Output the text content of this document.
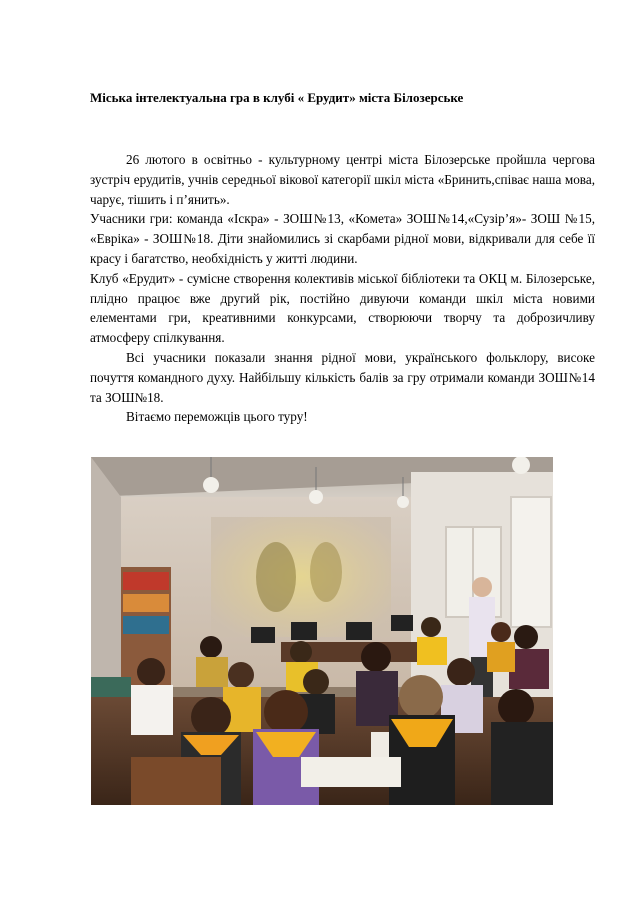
Міська інтелектуальна гра в клубі « Ерудит» міста Білозерське

26 лютого в освітньо - культурному центрі міста Білозерське пройшла чергова зустріч ерудитів, учнів середньої вікової категорії шкіл міста «Бринить,співає наша мова, чарує, тішить і п’янить».

Учасники гри: команда «Іскра» - ЗОШ№13, «Комета» ЗОШ№14,«Сузір’я»- ЗОШ №15, «Евріка» - ЗОШ№18. Діти знайомились зі скарбами рідної мови, відкривали для себе її красу і багатство, необхідність у житті людини.

Клуб «Ерудит» - сумісне створення колективів міської бібліотеки та ОКЦ м. Білозерське, плідно працює вже другий рік, постійно дивуючи команди шкіл міста новими елементами гри, креативними конкурсами, створюючи творчу та доброзичливу атмосферу спілкування.

Всі учасники показали знання рідної мови, українського фольклору, високе почуття командного духу. Найбільшу кількість балів за гру отримали команди ЗОШ№14 та ЗОШ№18.

Вітаємо переможців цього туру!
